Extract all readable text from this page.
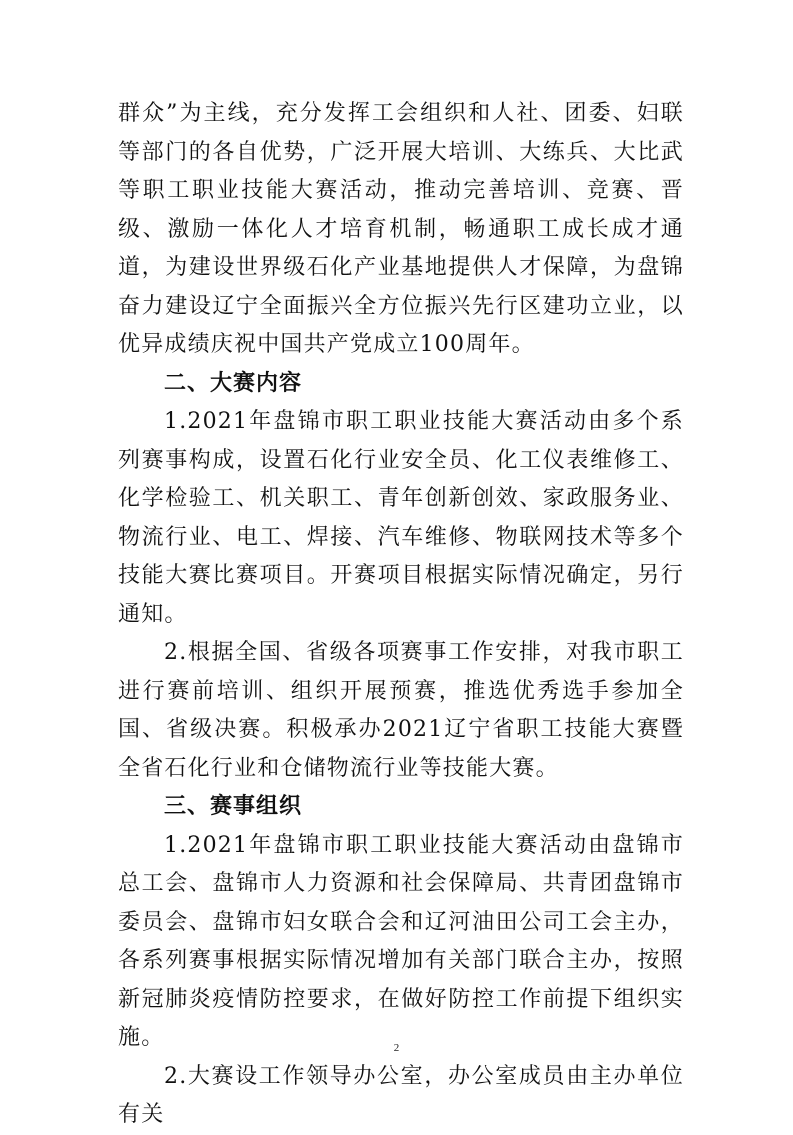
群众”为主线，充分发挥工会组织和人社、团委、妇联等部门的各自优势，广泛开展大培训、大练兵、大比武等职工职业技能大赛活动，推动完善培训、竞赛、晋级、激励一体化人才培育机制，畅通职工成长成才通道，为建设世界级石化产业基地提供人才保障，为盘锦奋力建设辽宁全面振兴全方位振兴先行区建功立业，以优异成绩庆祝中国共产党成立100周年。

二、大赛内容

1.2021年盘锦市职工职业技能大赛活动由多个系列赛事构成，设置石化行业安全员、化工仪表维修工、化学检验工、机关职工、青年创新创效、家政服务业、物流行业、电工、焊接、汽车维修、物联网技术等多个技能大赛比赛项目。开赛项目根据实际情况确定，另行通知。

2.根据全国、省级各项赛事工作安排，对我市职工进行赛前培训、组织开展预赛，推选优秀选手参加全国、省级决赛。积极承办2021辽宁省职工技能大赛暨全省石化行业和仓储物流行业等技能大赛。

三、赛事组织

1.2021年盘锦市职工职业技能大赛活动由盘锦市总工会、盘锦市人力资源和社会保障局、共青团盘锦市委员会、盘锦市妇女联合会和辽河油田公司工会主办，各系列赛事根据实际情况增加有关部门联合主办，按照新冠肺炎疫情防控要求，在做好防控工作前提下组织实施。

2.大赛设工作领导办公室，办公室成员由主办单位有关

2
